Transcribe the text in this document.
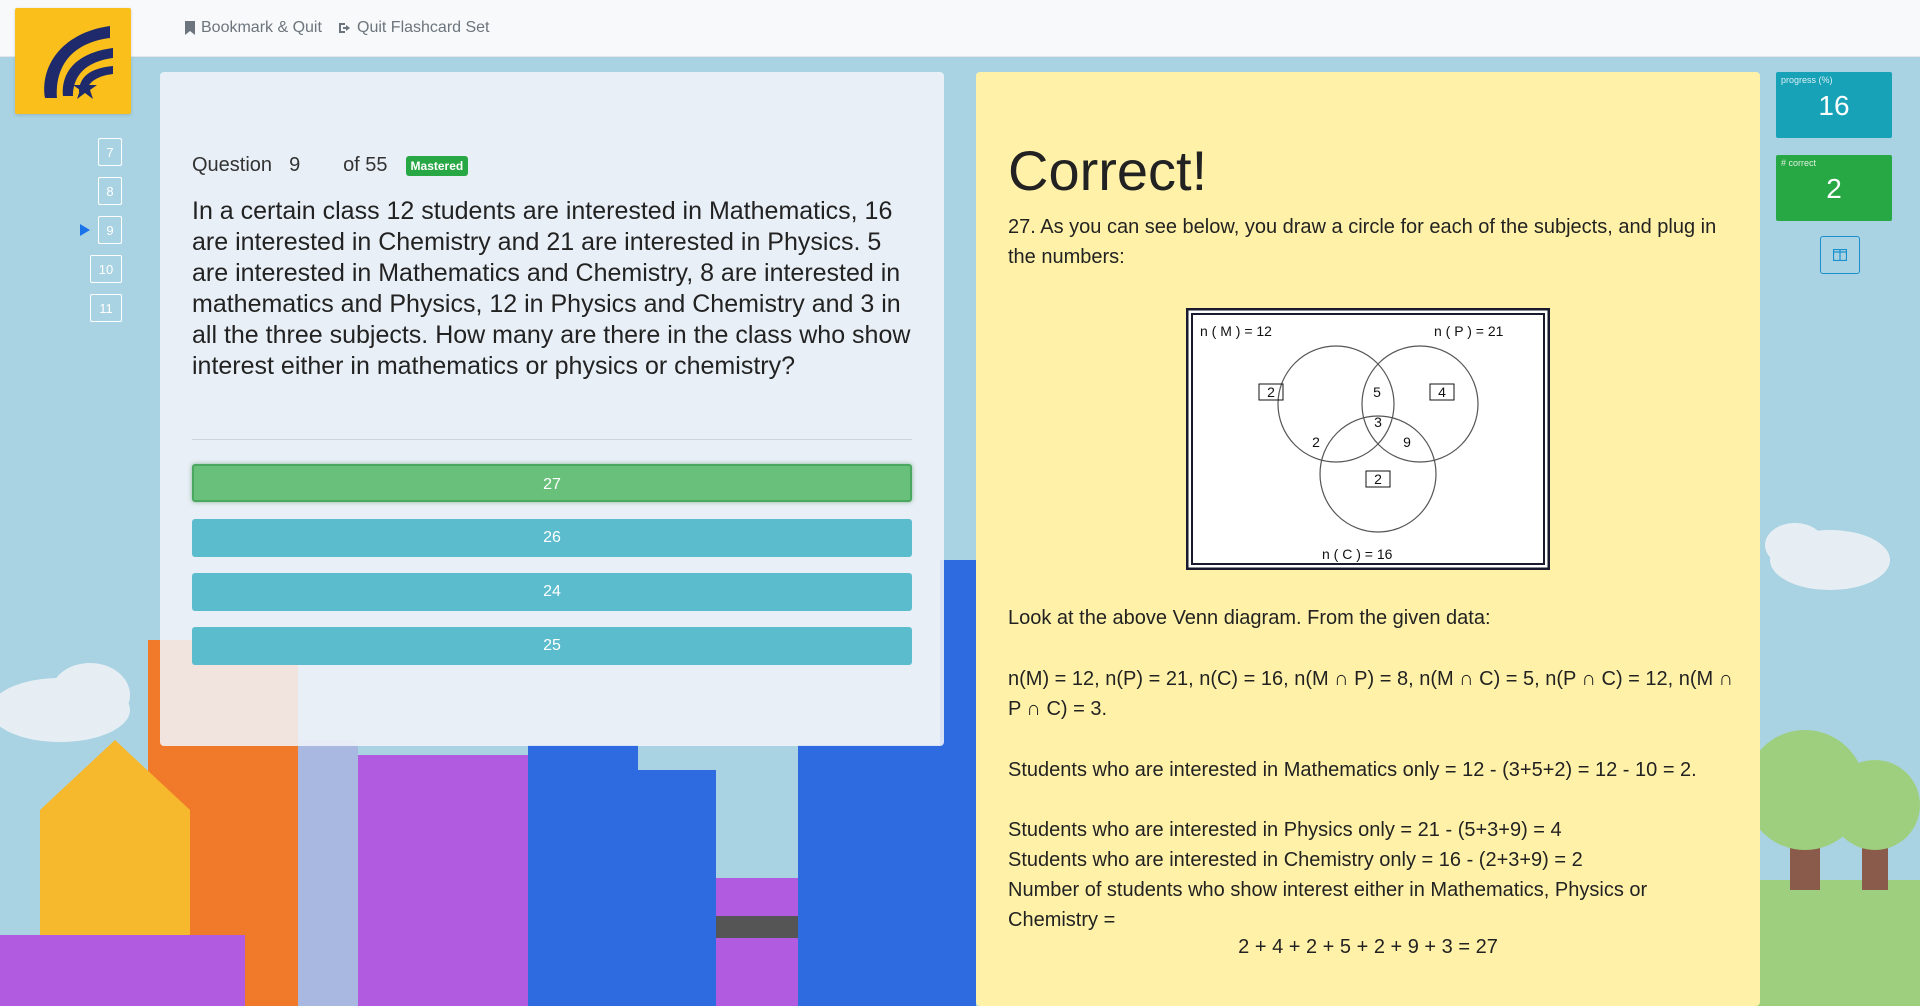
Bookmark & Quit Quit Flashcard Set
7
8
9
10
11
Question 9	of 55	Mastered
In a certain class 12 students are interested in Mathematics, 16 are interested in Chemistry and 21 are interested in Physics. 5 are interested in Mathematics and Chemistry, 8 are interested in mathematics and Physics, 12 in Physics and Chemistry and 3 in all the three subjects. How many are there in the class who show interest either in mathematics or physics or chemistry?
27
26
24
25
Correct!
27. As you can see below, you draw a circle for each of the subjects, and plug in the numbers:
n ( M ) = 12	n ( P ) = 21
n ( C ) = 16
2	4
2
5
3
2	9
Look at the above Venn diagram. From the given data:
n(M) = 12, n(P) = 21, n(C) = 16, n(M ∩ P) = 8, n(M ∩ C) = 5, n(P ∩ C) = 12, n(M ∩ P ∩ C) = 3.
Students who are interested in Mathematics only = 12 - (3+5+2) = 12 - 10 = 2.
Students who are interested in Physics only = 21 - (5+3+9) = 4
Students who are interested in Chemistry only = 16 - (2+3+9) = 2
Number of students who show interest either in Mathematics, Physics or Chemistry =
2 + 4 + 2 + 5 + 2 + 9 + 3 = 27
progress (%)
16
# correct
2
